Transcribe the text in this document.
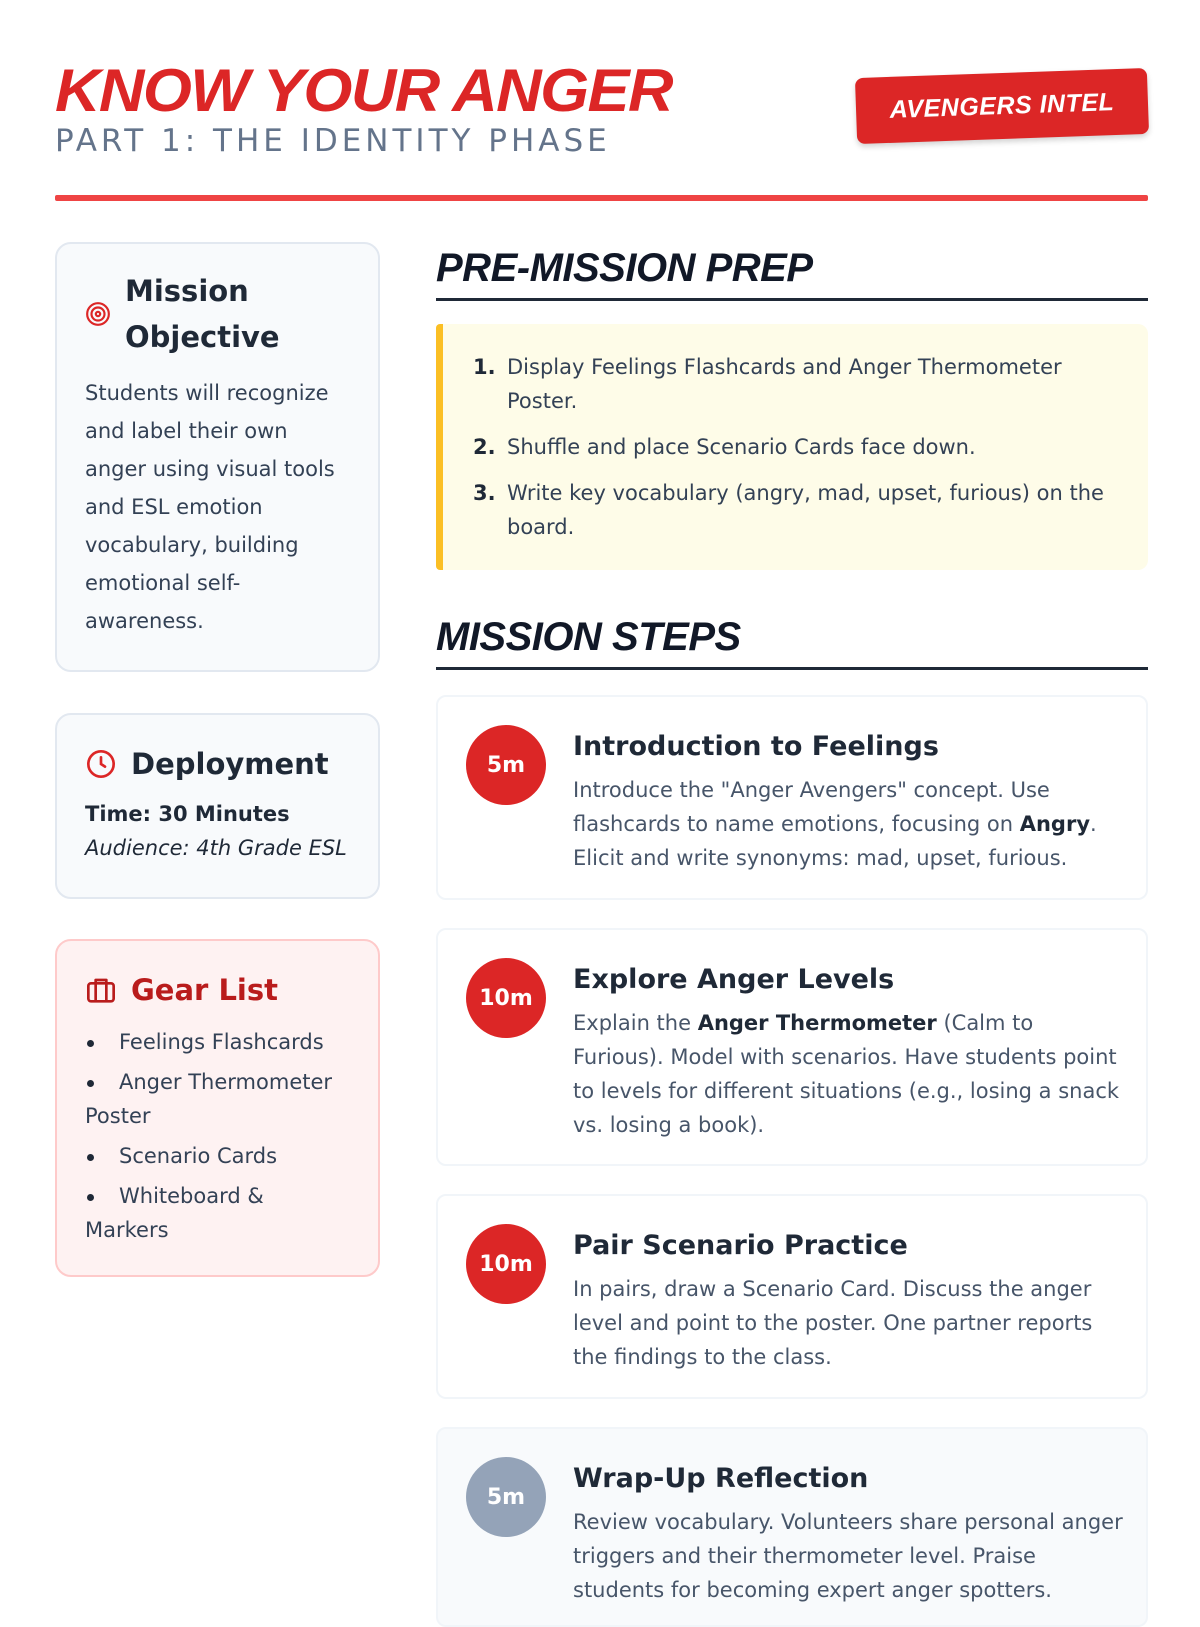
KNOW YOUR ANGER
PART 1: THE IDENTITY PHASE
AVENGERS INTEL
Mission Objective
Students will recognize and label their own anger using visual tools and ESL emotion vocabulary, building emotional self-awareness.
Deployment
Time: 30 Minutes
Audience: 4th Grade ESL
Gear List
Feelings Flashcards
Anger Thermometer Poster
Scenario Cards
Whiteboard & Markers
PRE-MISSION PREP
1. Display Feelings Flashcards and Anger Thermometer Poster.
2. Shuffle and place Scenario Cards face down.
3. Write key vocabulary (angry, mad, upset, furious) on the board.
MISSION STEPS
5m
Introduction to Feelings
Introduce the "Anger Avengers" concept. Use flashcards to name emotions, focusing on Angry. Elicit and write synonyms: mad, upset, furious.
10m
Explore Anger Levels
Explain the Anger Thermometer (Calm to Furious). Model with scenarios. Have students point to levels for different situations (e.g., losing a snack vs. losing a book).
10m
Pair Scenario Practice
In pairs, draw a Scenario Card. Discuss the anger level and point to the poster. One partner reports the findings to the class.
5m
Wrap-Up Reflection
Review vocabulary. Volunteers share personal anger triggers and their thermometer level. Praise students for becoming expert anger spotters.
